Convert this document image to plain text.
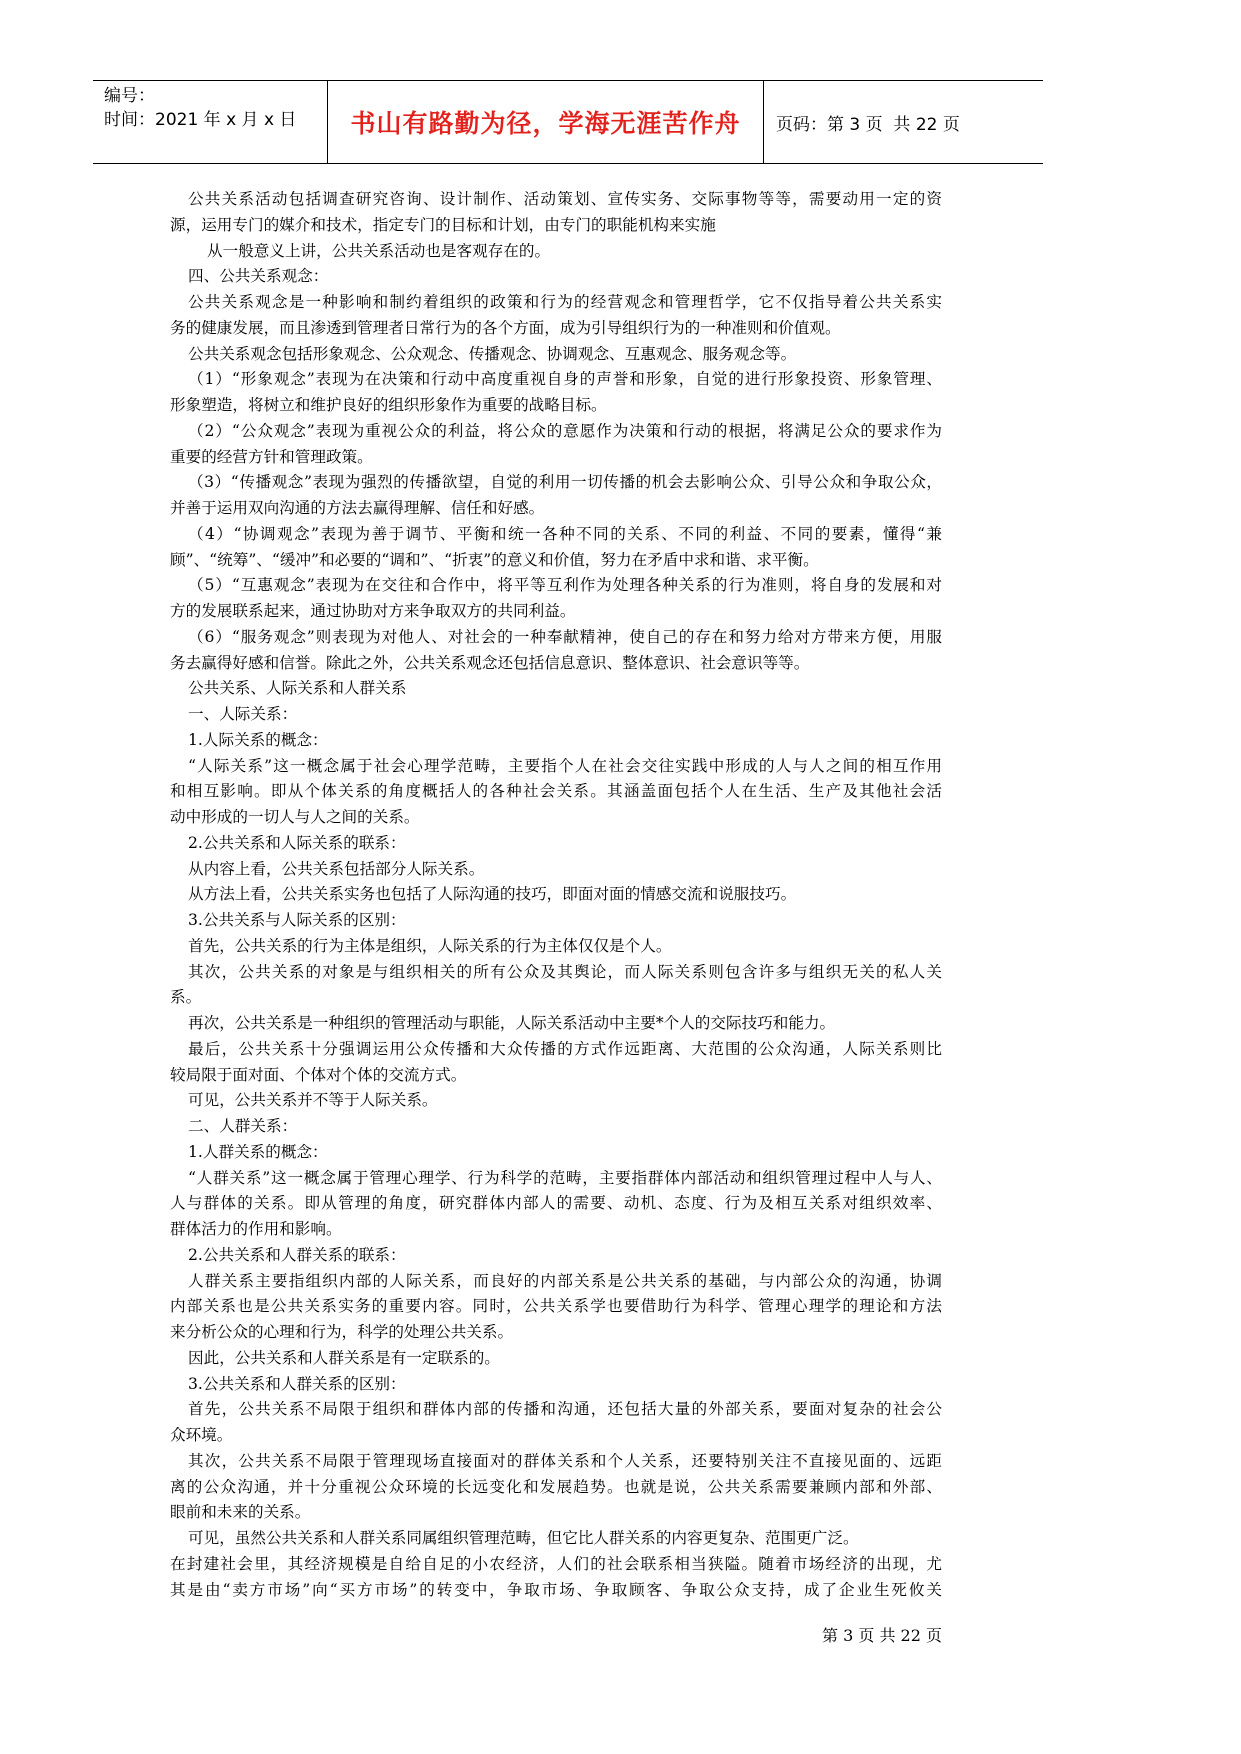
编号：
时间：2021 年 x 月 x 日 书山有路勤为径，学海无涯苦作舟	页码：第 3 页  共 22 页
公共关系活动包括调查研究咨询、设计制作、活动策划、宣传实务、交际事物等等，需要动用一定的资
源，运用专门的媒介和技术，指定专门的目标和计划，由专门的职能机构来实施
从一般意义上讲，公共关系活动也是客观存在的。
四、公共关系观念：
公共关系观念是一种影响和制约着组织的政策和行为的经营观念和管理哲学，它不仅指导着公共关系实
务的健康发展，而且渗透到管理者日常行为的各个方面，成为引导组织行为的一种准则和价值观。
公共关系观念包括形象观念、公众观念、传播观念、协调观念、互惠观念、服务观念等。
（1）“形象观念”表现为在决策和行动中高度重视自身的声誉和形象，自觉的进行形象投资、形象管理、
形象塑造，将树立和维护良好的组织形象作为重要的战略目标。
（2）“公众观念”表现为重视公众的利益，将公众的意愿作为决策和行动的根据，将满足公众的要求作为
重要的经营方针和管理政策。
（3）“传播观念”表现为强烈的传播欲望，自觉的利用一切传播的机会去影响公众、引导公众和争取公众，
并善于运用双向沟通的方法去赢得理解、信任和好感。
（4）“协调观念”表现为善于调节、平衡和统一各种不同的关系、不同的利益、不同的要素，懂得“兼
顾”、“统筹”、“缓冲”和必要的“调和”、“折衷”的意义和价值，努力在矛盾中求和谐、求平衡。
（5）“互惠观念”表现为在交往和合作中，将平等互利作为处理各种关系的行为准则，将自身的发展和对
方的发展联系起来，通过协助对方来争取双方的共同利益。
（6）“服务观念”则表现为对他人、对社会的一种奉献精神，使自己的存在和努力给对方带来方便，用服
务去赢得好感和信誉。除此之外，公共关系观念还包括信息意识、整体意识、社会意识等等。
公共关系、人际关系和人群关系
一、人际关系：
1.人际关系的概念：
“人际关系”这一概念属于社会心理学范畴，主要指个人在社会交往实践中形成的人与人之间的相互作用
和相互影响。即从个体关系的角度概括人的各种社会关系。其涵盖面包括个人在生活、生产及其他社会活
动中形成的一切人与人之间的关系。
2.公共关系和人际关系的联系：
从内容上看，公共关系包括部分人际关系。
从方法上看，公共关系实务也包括了人际沟通的技巧，即面对面的情感交流和说服技巧。
3.公共关系与人际关系的区别：
首先，公共关系的行为主体是组织，人际关系的行为主体仅仅是个人。
其次，公共关系的对象是与组织相关的所有公众及其舆论，而人际关系则包含许多与组织无关的私人关
系。
再次，公共关系是一种组织的管理活动与职能，人际关系活动中主要*个人的交际技巧和能力。
最后，公共关系十分强调运用公众传播和大众传播的方式作远距离、大范围的公众沟通，人际关系则比
较局限于面对面、个体对个体的交流方式。
可见，公共关系并不等于人际关系。
二、人群关系：
1.人群关系的概念：
“人群关系”这一概念属于管理心理学、行为科学的范畴，主要指群体内部活动和组织管理过程中人与人、
人与群体的关系。即从管理的角度，研究群体内部人的需要、动机、态度、行为及相互关系对组织效率、
群体活力的作用和影响。
2.公共关系和人群关系的联系：
人群关系主要指组织内部的人际关系，而良好的内部关系是公共关系的基础，与内部公众的沟通，协调
内部关系也是公共关系实务的重要内容。同时，公共关系学也要借助行为科学、管理心理学的理论和方法
来分析公众的心理和行为，科学的处理公共关系。
因此，公共关系和人群关系是有一定联系的。
3.公共关系和人群关系的区别：
首先，公共关系不局限于组织和群体内部的传播和沟通，还包括大量的外部关系，要面对复杂的社会公
众环境。
其次，公共关系不局限于管理现场直接面对的群体关系和个人关系，还要特别关注不直接见面的、远距
离的公众沟通，并十分重视公众环境的长远变化和发展趋势。也就是说，公共关系需要兼顾内部和外部、
眼前和未来的关系。
可见，虽然公共关系和人群关系同属组织管理范畴，但它比人群关系的内容更复杂、范围更广泛。
在封建社会里，其经济规模是自给自足的小农经济，人们的社会联系相当狭隘。随着市场经济的出现，尤
其是由“卖方市场”向“买方市场”的转变中，争取市场、争取顾客、争取公众支持，成了企业生死攸关
第 3 页 共 22 页
